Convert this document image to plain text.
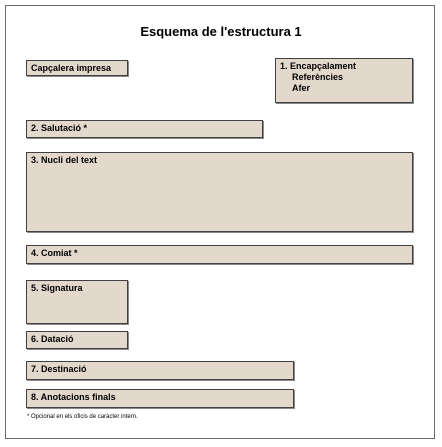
Esquema de l'estructura 1
Capçalera impresa	1. Encapçalament
Referències
Afer
2. Salutació *
3. Nucli del text
4. Comiat *
5. Signatura
6. Datació
7. Destinació
8. Anotacions finals
* Opcional en els oficis de caràcter intern.
